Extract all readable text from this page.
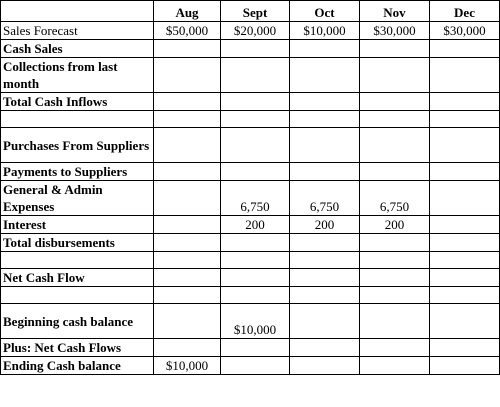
	Aug	Sept	Oct	Nov	Dec
Sales Forecast	$50,000	$20,000	$10,000	$30,000	$30,000
Cash Sales					
Collections from last month					
Total Cash Inflows					

Purchases From Suppliers					
Payments to Suppliers					
General & Admin Expenses		6,750	6,750	6,750	
Interest		200	200	200	
Total disbursements					

Net Cash Flow					

Beginning cash balance		$10,000			
Plus: Net Cash Flows					
Ending Cash balance	$10,000				
